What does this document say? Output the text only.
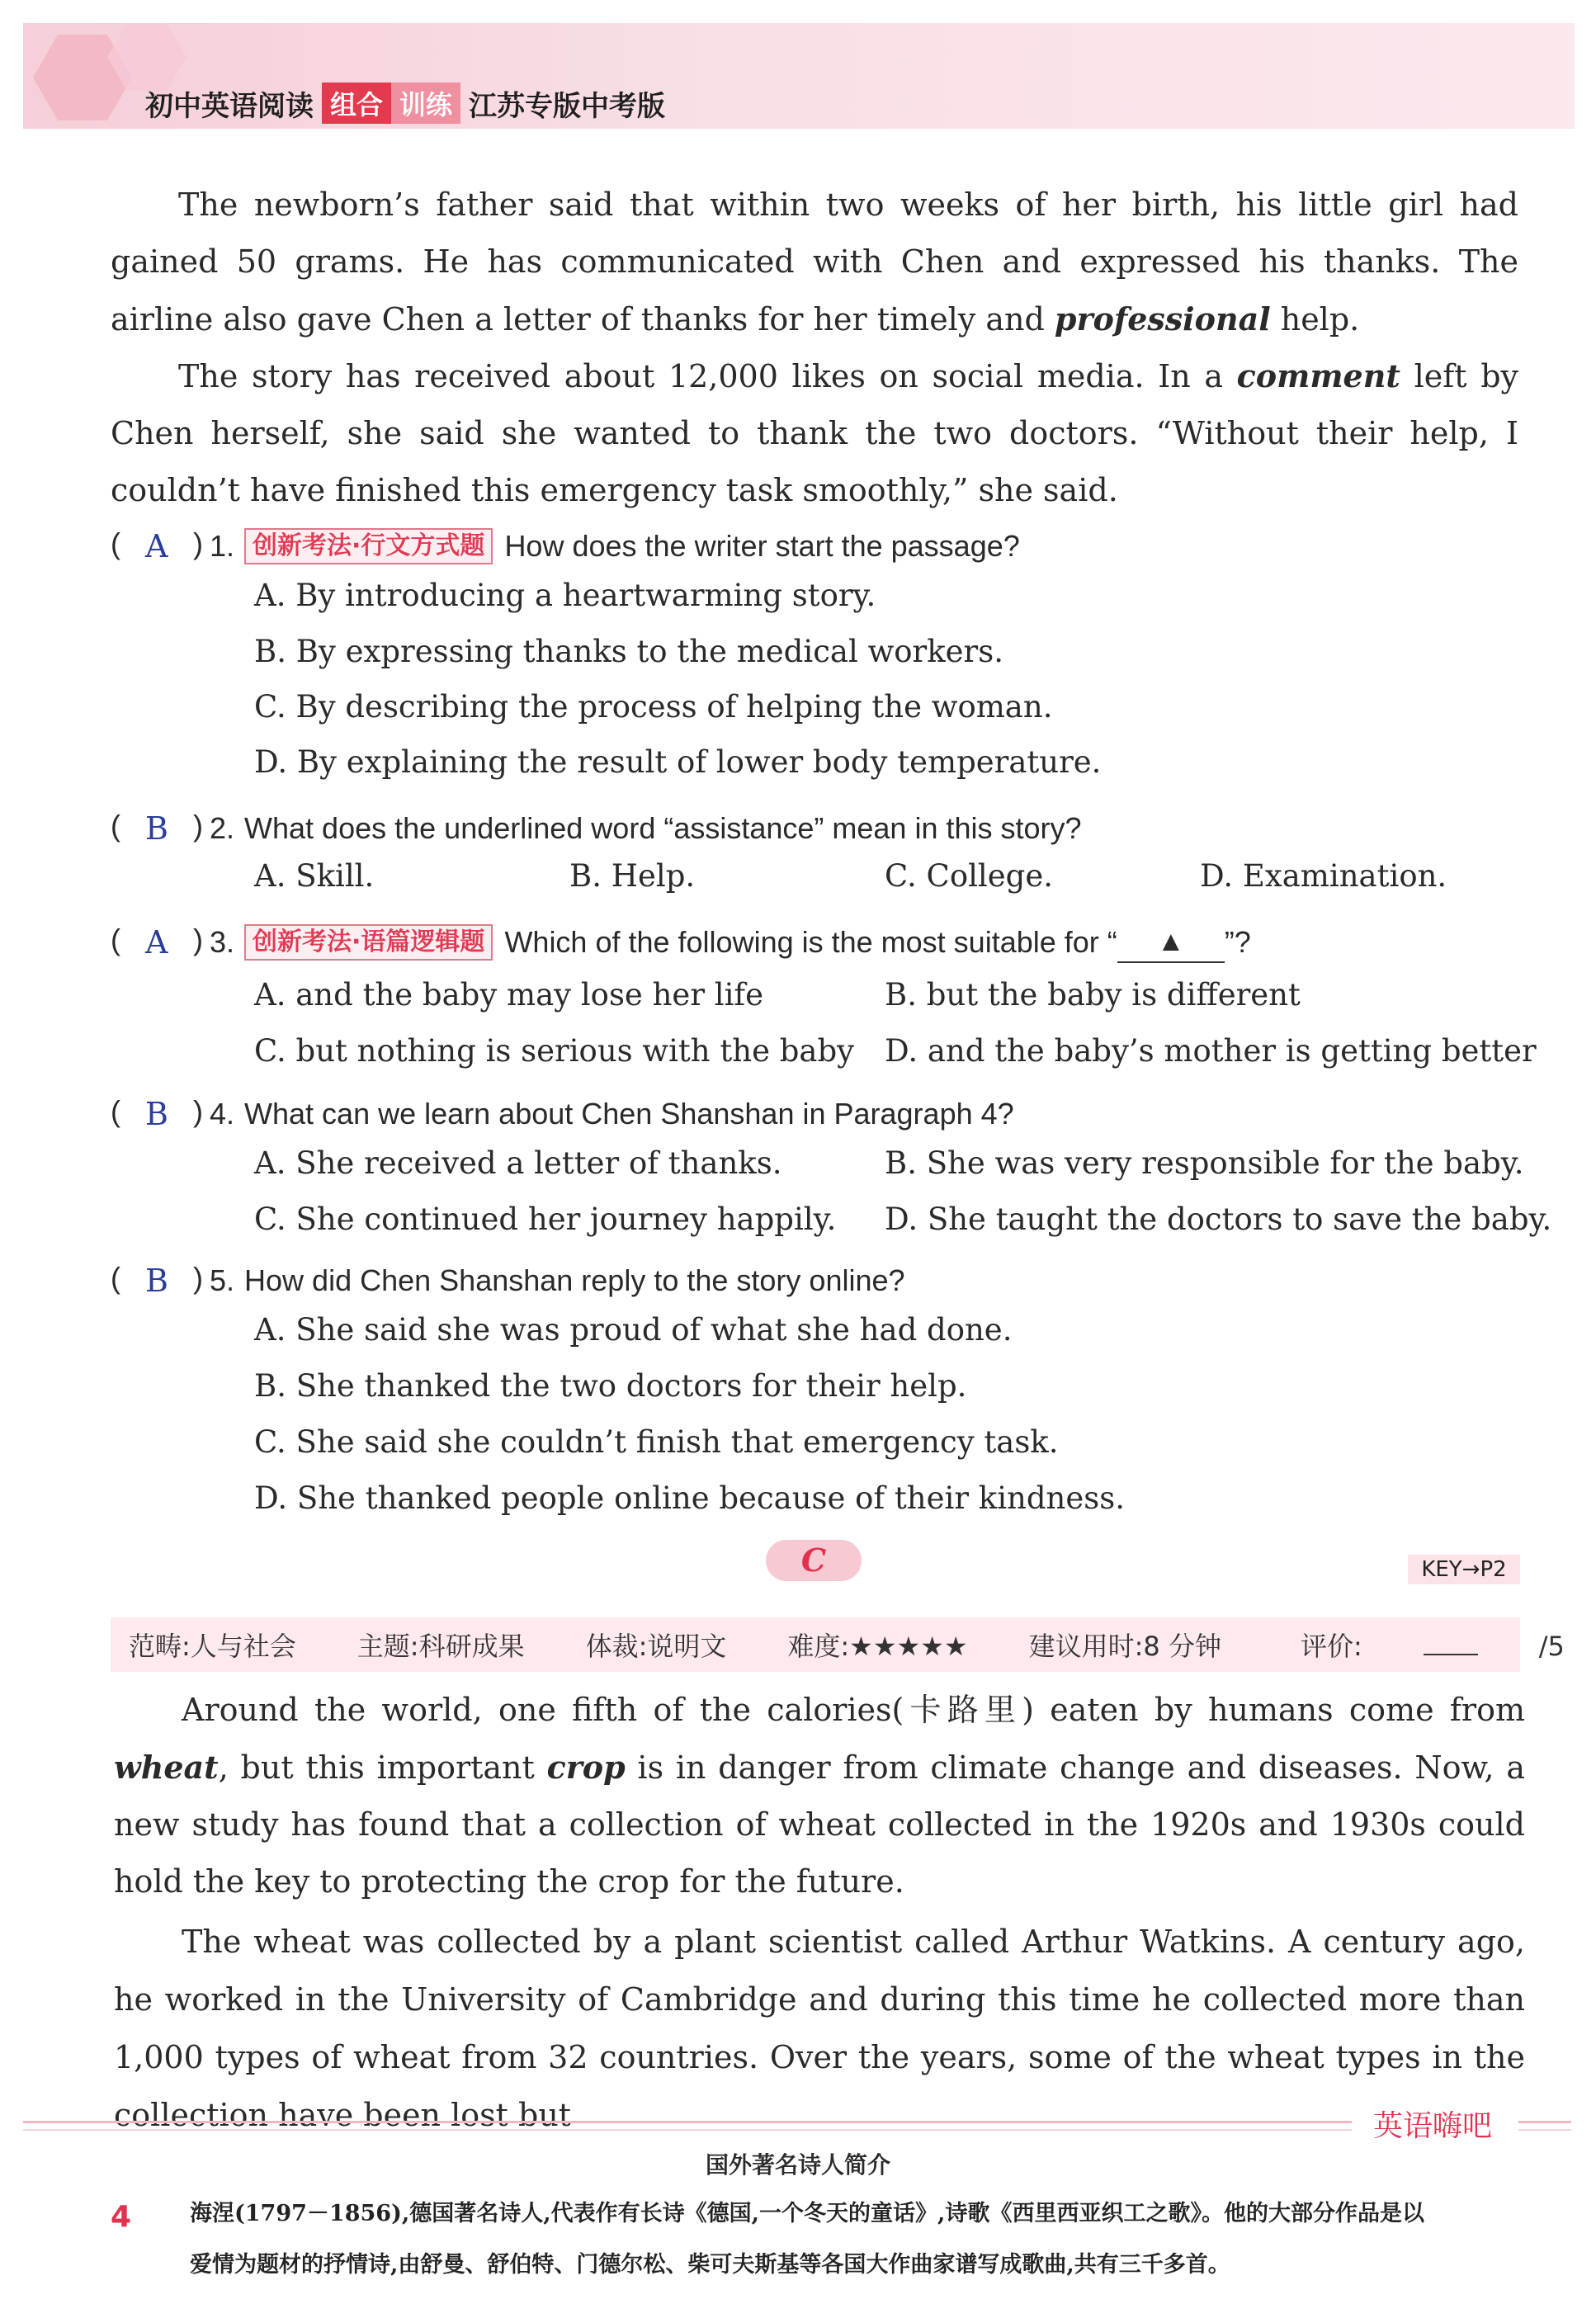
初中英语阅读 组合 训练 江苏专版中考版

The newborn’s father said that within two weeks of her birth, his little girl had gained 50 grams. He has communicated with Chen and expressed his thanks. The airline also gave Chen a letter of thanks for her timely and professional help.

The story has received about 12,000 likes on social media. In a comment left by Chen herself, she said she wanted to thank the two doctors. “Without their help, I couldn’t have finished this emergency task smoothly,” she said.

( A ) 1. 创新考法·行文方式题 How does the writer start the passage?
A. By introducing a heartwarming story.
B. By expressing thanks to the medical workers.
C. By describing the process of helping the woman.
D. By explaining the result of lower body temperature.
( B ) 2. What does the underlined word “assistance” mean in this story?
A. Skill.	B. Help.	C. College.	D. Examination.
( A ) 3. 创新考法·语篇逻辑题 Which of the following is the most suitable for “	▲	”?
A. and the baby may lose her life	B. but the baby is different
C. but nothing is serious with the baby D. and the baby’s mother is getting better
( B ) 4. What can we learn about Chen Shanshan in Paragraph 4?
A. She received a letter of thanks.	B. She was very responsible for the baby.
C. She continued her journey happily. D. She taught the doctors to save the baby.
( B ) 5. How did Chen Shanshan reply to the story online?
A. She said she was proud of what she had done.
B. She thanked the two doctors for their help.
C. She said she couldn’t finish that emergency task.
D. She thanked people online because of their kindness.
C	KEY→P2
范畴:人与社会 主题:科研成果 体裁:说明文 难度:★★★★★ 建议用时:8 分钟	评价:	/5

Around the world, one fifth of the calories(卡路里) eaten by humans come from wheat, but this important crop is in danger from climate change and diseases. Now, a new study has found that a collection of wheat collected in the 1920s and 1930s could hold the key to protecting the crop for the future.

The wheat was collected by a plant scientist called Arthur Watkins. A century ago, he worked in the University of Cambridge and during this time he collected more than 1,000 types of wheat from 32 countries. Over the years, some of the wheat types in the collection have been lost but	英语嗨吧
国外著名诗人简介
4	海涅(1797－1856),德国著名诗人,代表作有长诗《德国,一个冬天的童话》,诗歌《西里西亚织工之歌》。他的大部分作品是以爱情为题材的抒情诗,由舒曼、舒伯特、门德尔松、柴可夫斯基等各国大作曲家谱写成歌曲,共有三千多首。
